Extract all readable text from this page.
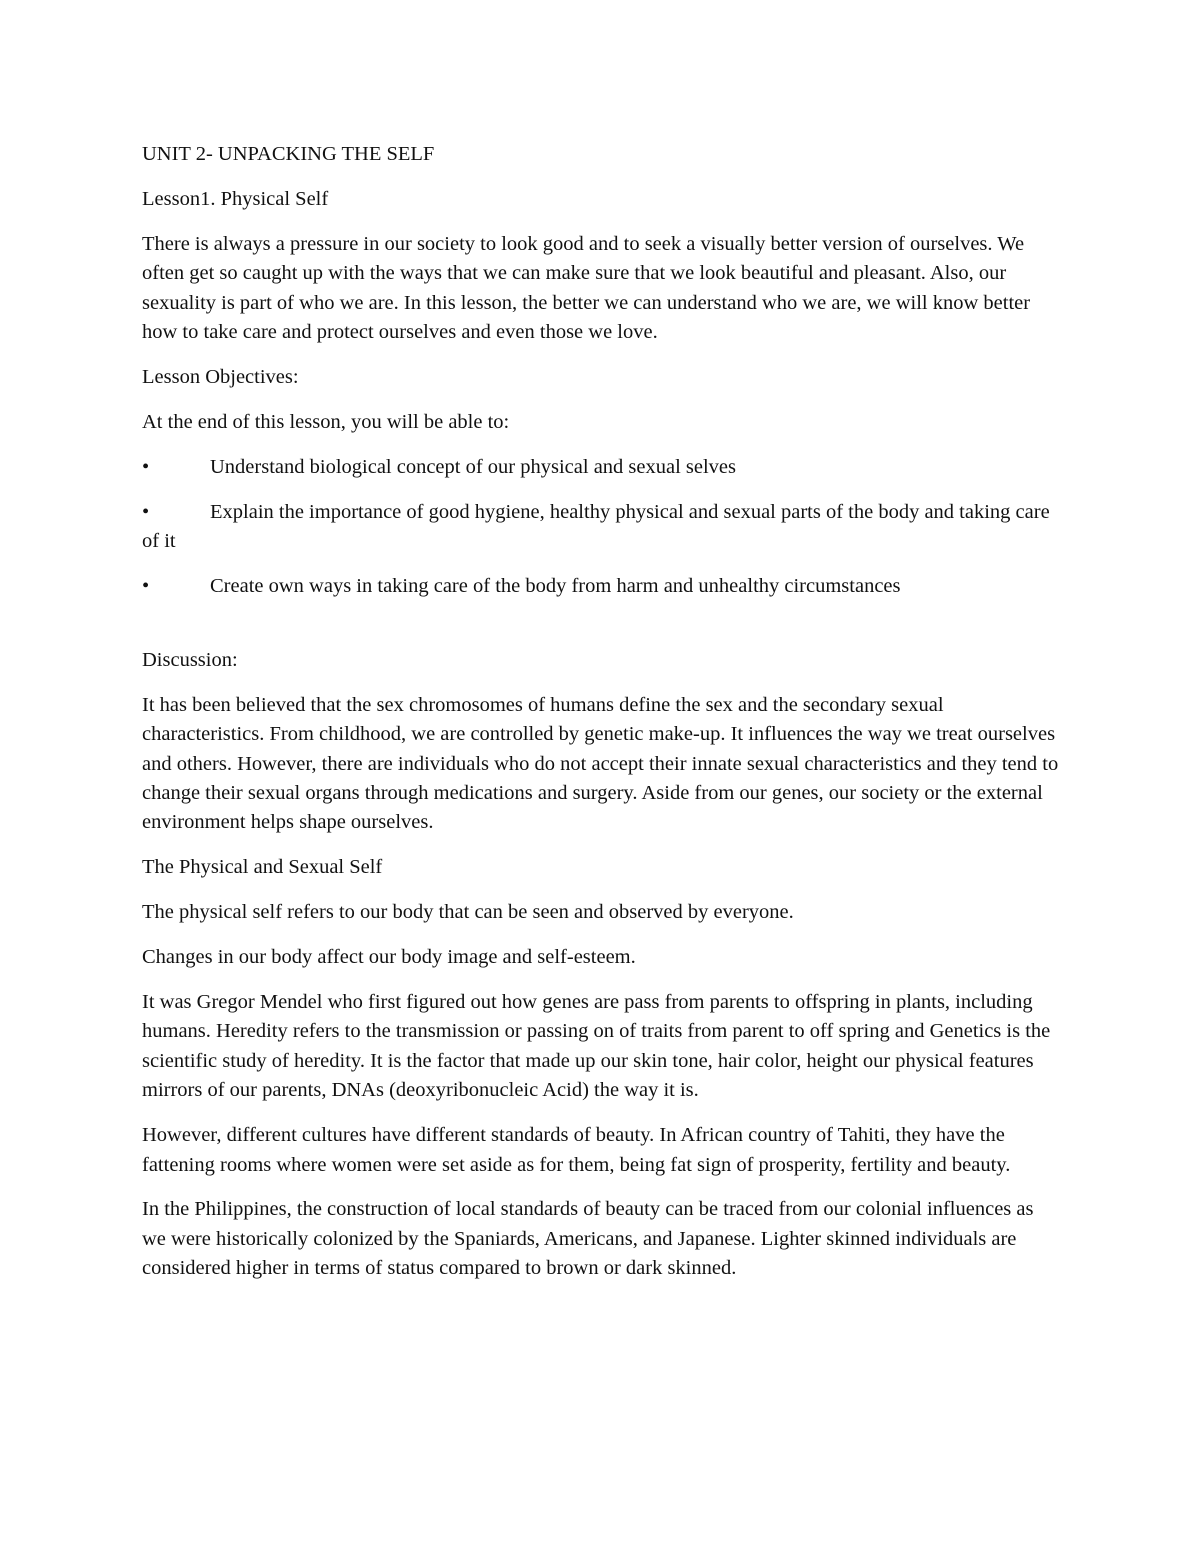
UNIT 2- UNPACKING THE SELF

Lesson1. Physical Self

There is always a pressure in our society to look good and to seek a visually better version of ourselves. We often get so caught up with the ways that we can make sure that we look beautiful and pleasant. Also, our sexuality is part of who we are. In this lesson, the better we can understand who we are, we will know better how to take care and protect ourselves and even those we love.

Lesson Objectives:

At the end of this lesson, you will be able to:

•	Understand biological concept of our physical and sexual selves
•	Explain the importance of good hygiene, healthy physical and sexual parts of the body and taking care of it
•	Create own ways in taking care of the body from harm and unhealthy circumstances

Discussion:

It has been believed that the sex chromosomes of humans define the sex and the secondary sexual characteristics. From childhood, we are controlled by genetic make-up. It influences the way we treat ourselves and others. However, there are individuals who do not accept their innate sexual characteristics and they tend to change their sexual organs through medications and surgery. Aside from our genes, our society or the external environment helps shape ourselves.

The Physical and Sexual Self

The physical self refers to our body that can be seen and observed by everyone.

Changes in our body affect our body image and self-esteem.

It was Gregor Mendel who first figured out how genes are pass from parents to offspring in plants, including humans. Heredity refers to the transmission or passing on of traits from parent to off spring and Genetics is the scientific study of heredity. It is the factor that made up our skin tone, hair color, height our physical features mirrors of our parents, DNAs (deoxyribonucleic Acid) the way it is.

However, different cultures have different standards of beauty. In African country of Tahiti, they have the fattening rooms where women were set aside as for them, being fat sign of prosperity, fertility and beauty.

In the Philippines, the construction of local standards of beauty can be traced from our colonial influences as we were historically colonized by the Spaniards, Americans, and Japanese. Lighter skinned individuals are considered higher in terms of status compared to brown or dark skinned.
